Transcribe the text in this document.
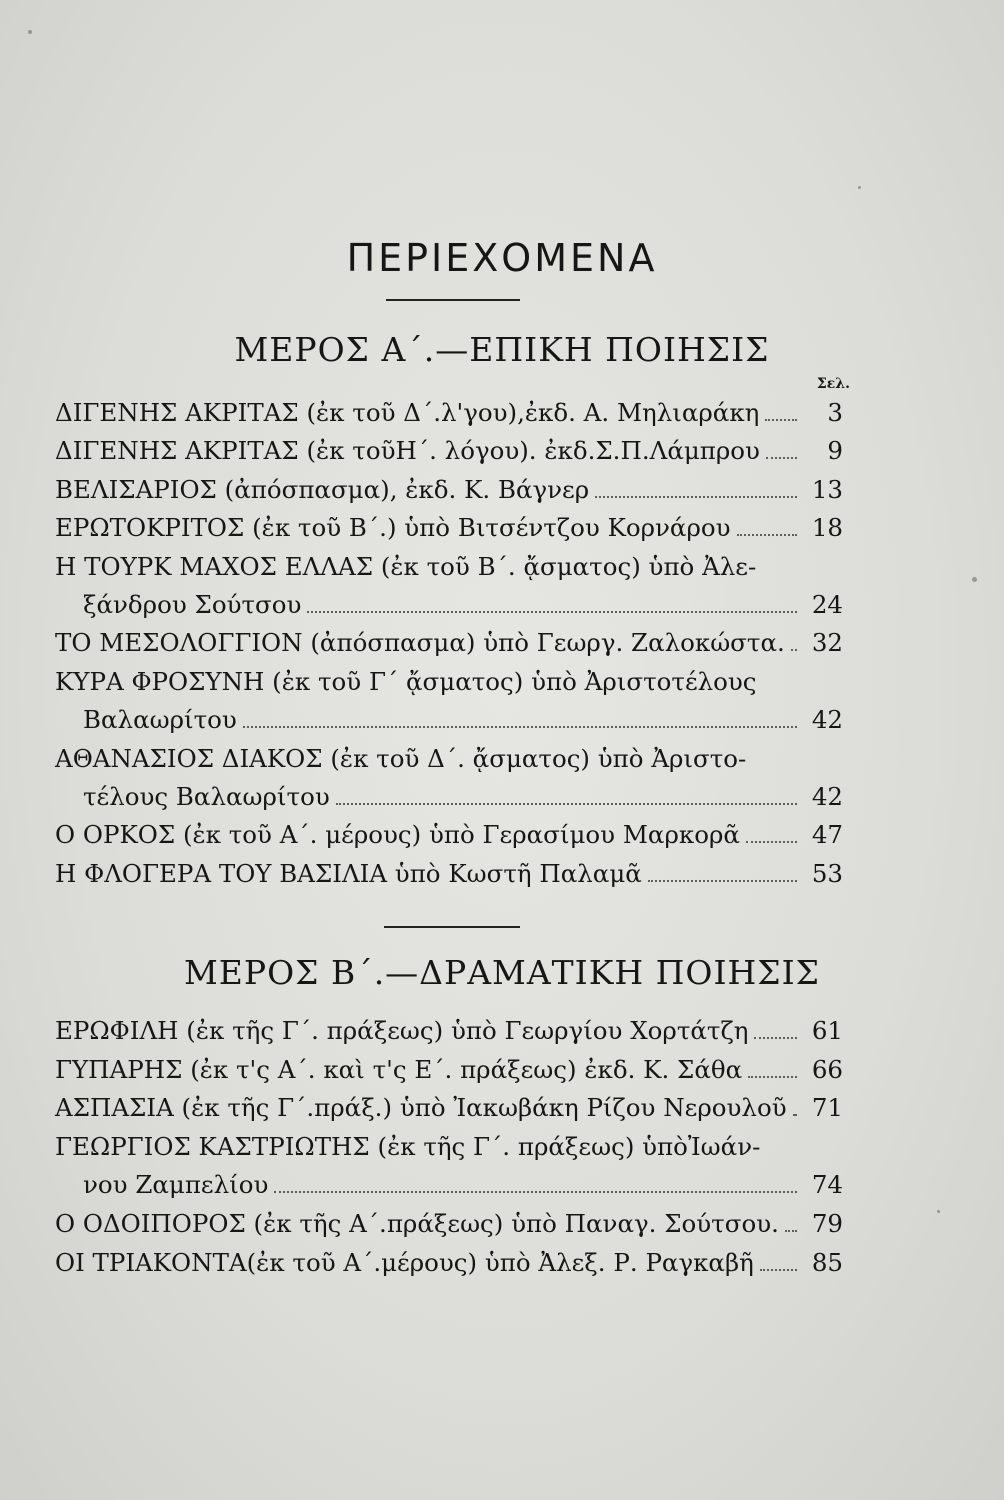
ΠΕΡΙΕΧΟΜΕΝΑ
ΜΕΡΟΣ Α΄.—ΕΠΙΚΗ ΠΟΙΗΣΙΣ
Σελ.
ΔΙΓΕΝΗΣ ΑΚΡΙΤΑΣ (ἐκ τοῦ Δ΄.λ'γου),ἐκδ. Α. Μηλιαράκη	3
ΔΙΓΕΝΗΣ ΑΚΡΙΤΑΣ (ἐκ τοῦΗ΄. λόγου). ἐκδ.Σ.Π.Λάμπρου	9
ΒΕΛΙΣΑΡΙΟΣ (ἀπόσπασμα), ἐκδ. Κ. Βάγνερ	13
ΕΡΩΤΟΚΡΙΤΟΣ (ἐκ τοῦ Β΄.) ὑπὸ Βιτσέντζου Κορνάρου	18
Η ΤΟΥΡΚ ΜΑΧΟΣ ΕΛΛΑΣ (ἐκ τοῦ Β΄. ᾄσματος) ὑπὸ Ἀλε-
ξάνδρου Σούτσου	24
ΤΟ ΜΕΣΟΛΟΓΓΙΟΝ (ἀπόσπασμα) ὑπὸ Γεωργ. Ζαλοκώστα.	32
ΚΥΡΑ ΦΡΟΣΥΝΗ (ἐκ τοῦ Γ΄ ᾄσματος) ὑπὸ Ἀριστοτέλους
Βαλαωρίτου	42
ΑΘΑΝΑΣΙΟΣ ΔΙΑΚΟΣ (ἐκ τοῦ Δ΄. ᾄσματος) ὑπὸ Ἀριστο-
τέλους Βαλαωρίτου	42
Ο ΟΡΚΟΣ (ἐκ τοῦ Α΄. μέρους) ὑπὸ Γερασίμου Μαρκορᾶ	47
Η ΦΛΟΓΕΡΑ ΤΟΥ ΒΑΣΙΛΙΑ ὑπὸ Κωστῆ Παλαμᾶ	53
ΜΕΡΟΣ Β΄.—ΔΡΑΜΑΤΙΚΗ ΠΟΙΗΣΙΣ
ΕΡΩΦΙΛΗ (ἐκ τῆς Γ΄. πράξεως) ὑπὸ Γεωργίου Χορτάτζη	61
ΓΥΠΑΡΗΣ (ἐκ τ'ς Α΄. καὶ τ'ς Ε΄. πράξεως) ἐκδ. Κ. Σάθα	66
ΑΣΠΑΣΙΑ (ἐκ τῆς Γ΄.πράξ.) ὑπὸ Ἰακωβάκη Ρίζου Νερουλοῦ	71
ΓΕΩΡΓΙΟΣ ΚΑΣΤΡΙΩΤΗΣ (ἐκ τῆς Γ΄. πράξεως) ὑπὸἸωάν-
νου Ζαμπελίου	74
Ο ΟΔΟΙΠΟΡΟΣ (ἐκ τῆς Α΄.πράξεως) ὑπὸ Παναγ. Σούτσου.	79
ΟΙ ΤΡΙΑΚΟΝΤΑ(ἐκ τοῦ Α΄.μέρους) ὑπὸ Ἀλεξ. Ρ. Ραγκαβῆ	85
